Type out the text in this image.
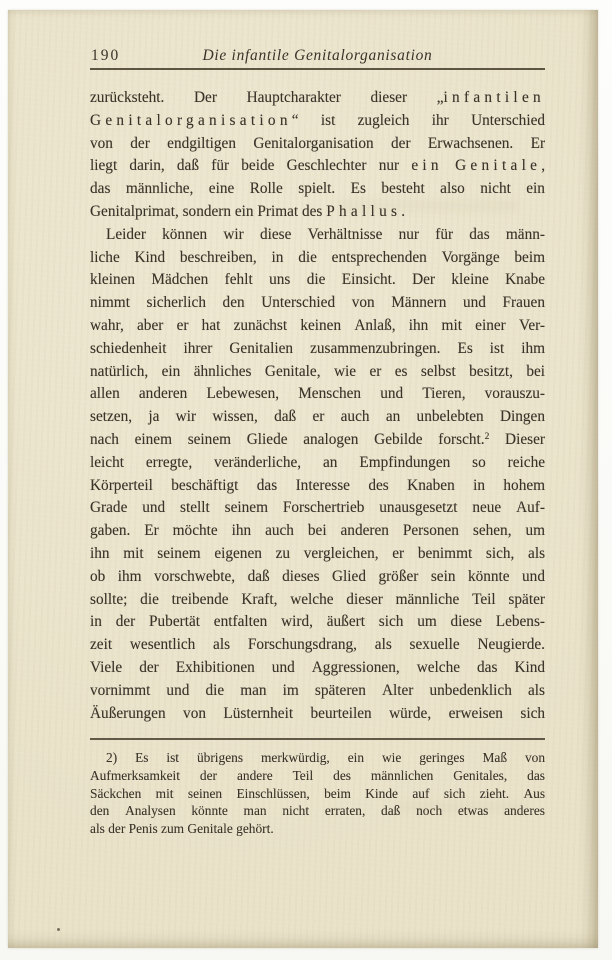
190	Die infantile Genitalorganisation
zurücksteht.
Der
Hauptcharakter
dieser
„ infantilen
Genitalorganisation “
ist
zugleich
ihr
Unterschied
von
der
endgiltigen
Genitalorganisation
der
Erwachsenen.
Er
liegt
darin,
daß
für
beide
Geschlechter
nur
ein
Genitale ,
das
männliche,
eine
Rolle
spielt.
Es
besteht
also
nicht
ein
Genitalprimat, sondern ein Primat des Phallus.
Leider
können
wir
diese
Verhältnisse
nur
für
das
männ-
liche
Kind
beschreiben,
in
die
entsprechenden
Vorgänge
beim
kleinen
Mädchen
fehlt
uns
die
Einsicht.
Der
kleine
Knabe
nimmt
sicherlich
den
Unterschied
von
Männern
und
Frauen
wahr,
aber
er
hat
zunächst
keinen
Anlaß,
ihn
mit
einer
Ver-
schiedenheit
ihrer
Genitalien
zusammenzubringen.
Es
ist
ihm
natürlich,
ein
ähnliches
Genitale,
wie
er
es
selbst
besitzt,
bei
allen
anderen
Lebewesen,
Menschen
und
Tieren,
vorauszu-
setzen,
ja
wir
wissen,
daß
er
auch
an
unbelebten
Dingen
nach
einem
seinem
Gliede
analogen
Gebilde
forscht. 2
Dieser
leicht
erregte,
veränderliche,
an
Empfindungen
so
reiche
Körperteil
beschäftigt
das
Interesse
des
Knaben
in
hohem
Grade
und
stellt
seinem
Forschertrieb
unausgesetzt
neue
Auf-
gaben.
Er
möchte
ihn
auch
bei
anderen
Personen
sehen,
um
ihn
mit
seinem
eigenen
zu
vergleichen,
er
benimmt
sich,
als
ob
ihm
vorschwebte,
daß
dieses
Glied
größer
sein
könnte
und
sollte;
die
treibende
Kraft,
welche
dieser
männliche
Teil
später
in
der
Pubertät
entfalten
wird,
äußert
sich
um
diese
Lebens-
zeit
wesentlich
als
Forschungsdrang,
als
sexuelle
Neugierde.
Viele
der
Exhibitionen
und
Aggressionen,
welche
das
Kind
vornimmt
und
die
man
im
späteren
Alter
unbedenklich
als
Äußerungen
von
Lüsternheit
beurteilen
würde,
erweisen
sich
2)
Es
ist
übrigens
merkwürdig,
ein
wie
geringes
Maß
von
Aufmerksamkeit
der
andere
Teil
des
männlichen
Genitales,
das
Säckchen
mit
seinen
Einschlüssen,
beim
Kinde
auf
sich
zieht.
Aus
den
Analysen
könnte
man
nicht
erraten,
daß
noch
etwas
anderes
als der Penis zum Genitale gehört.
